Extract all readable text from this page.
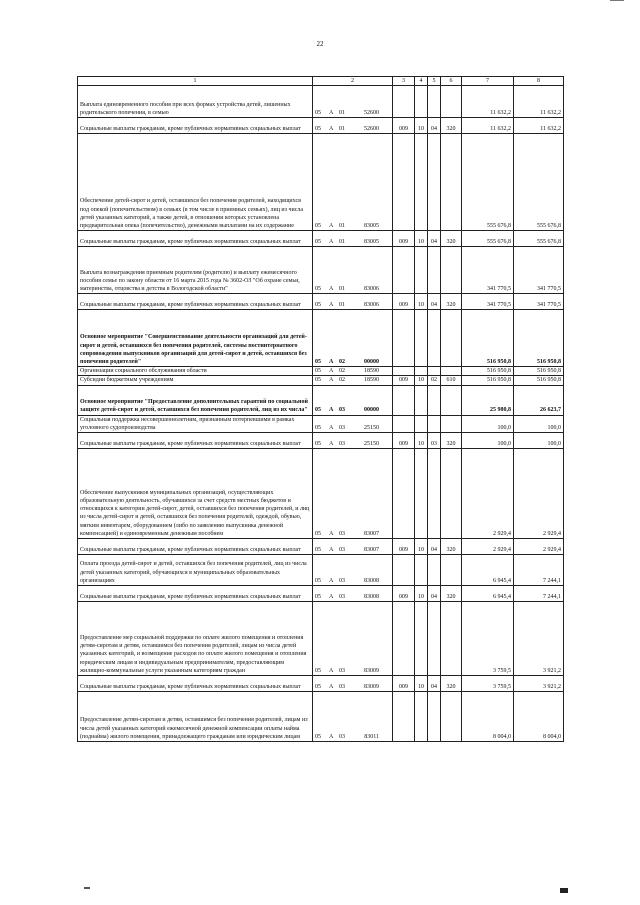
22
1	2	3	4	5	6	7	8
Выплата единовременного пособия при всех формах устройства детей, лишенных родительского попечения, в семью	05 А 01 52600					11 632,2	11 632,2
Социальные выплаты гражданам, кроме публичных нормативных социальных выплат	05 А 01 52600	009	10	04	320	11 632,2	11 632,2
Обеспечение детей-сирот и детей, оставшихся без попечения родителей, находящихся под опекой (попечительством) в семьях (в том числе в приемных семьях), лиц из числа детей указанных категорий, а также детей, в отношении которых установлена предварительная опека (попечительство), денежными выплатами на их содержание	05 А 01 83005					555 676,8	555 676,8
Социальные выплаты гражданам, кроме публичных нормативных социальных выплат	05 А 01 83005	009	10	04	320	555 676,8	555 676,8
Выплата вознаграждения приемным родителям (родителю) и выплату ежемесячного пособия семье по закону области от 16 марта 2015 года № 3602-ОЗ "Об охране семьи, материнства, отцовства и детства в Вологодской области"	05 А 01 83006					341 770,5	341 770,5
Социальные выплаты гражданам, кроме публичных нормативных социальных выплат	05 А 01 83006	009	10	04	320	341 770,5	341 770,5
Основное мероприятие "Совершенствование деятельности организаций для детей-сирот и детей, оставшихся без попечения родителей, системы постинтернатного сопровождения выпускников организаций для детей-сирот и детей, оставшихся без попечения родителей"	05 А 02 00000					516 950,8	516 950,8
Организации социального обслуживания области	05 А 02 18590					516 950,8	516 950,8
Субсидии бюджетным учреждениям	05 А 02 18590	009	10	02	610	516 950,8	516 950,8
Основное мероприятие "Предоставление дополнительных гарантий по социальной защите детей-сирот и детей, оставшихся без попечения родителей, лиц из их числа"	05 А 03 00000					25 980,8	26 623,7
Социальная поддержка несовершеннолетним, признанным потерпевшими в рамках уголовного судопроизводства	05 А 03 25150					100,0	100,0
Социальные выплаты гражданам, кроме публичных нормативных социальных выплат	05 А 03 25150	009	10	03	320	100,0	100,0
Обеспечение выпускников муниципальных организаций, осуществляющих образовательную деятельность, обучавшихся за счет средств местных бюджетов и относящихся к категории детей-сирот, детей, оставшихся без попечения родителей, и лиц из числа детей-сирот и детей, оставшихся без попечения родителей, одеждой, обувью, мягким инвентарем, оборудованием (либо по заявлению выпускника денежной компенсацией) и единовременным денежным пособием	05 А 03 83007					2 929,4	2 929,4
Социальные выплаты гражданам, кроме публичных нормативных социальных выплат	05 А 03 83007	009	10	04	320	2 929,4	2 929,4
Оплата проезда детей-сирот и детей, оставшихся без попечения родителей, лиц из числа детей указанных категорий, обучающихся в муниципальных образовательных организациях	05 А 03 83008					6 945,4	7 244,1
Социальные выплаты гражданам, кроме публичных нормативных социальных выплат	05 А 03 83008	009	10	04	320	6 945,4	7 244,1
Предоставление мер социальной поддержки по оплате жилого помещения и отопления детям-сиротам и детям, оставшимся без попечения родителей, лицам из числа детей указанных категорий, и возмещение расходов по оплате жилого помещения и отопления юридическим лицам и индивидуальным предпринимателям, предоставляющим жилищно-коммунальные услуги указанным категориям граждан	05 А 03 83009					3 759,5	3 921,2
Социальные выплаты гражданам, кроме публичных нормативных социальных выплат	05 А 03 83009	009	10	04	320	3 759,5	3 921,2
Предоставление детям-сиротам и детям, оставшимся без попечения родителей, лицам из числа детей указанных категорий ежемесячной денежной компенсации оплаты найма (поднайма) жилого помещения, принадлежащего гражданам или юридическим лицам	05 А 03 83011					8 004,0	8 004,0
